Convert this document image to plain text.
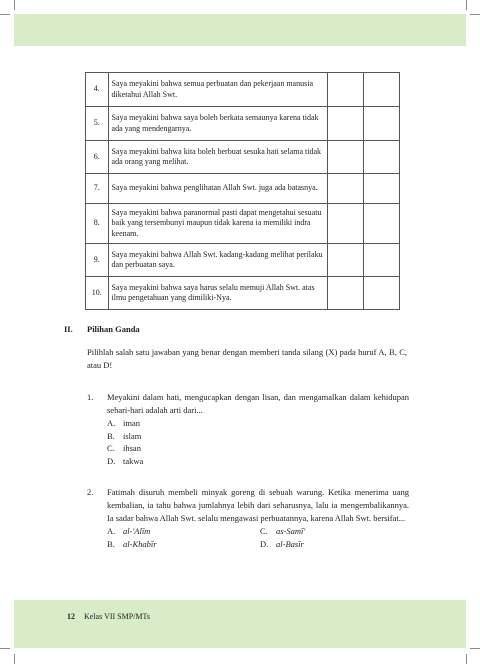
4.	Saya meyakini bahwa semua perbuatan dan pekerjaan manusia diketahui Allah Swt.		
5.	Saya meyakini bahwa saya boleh berkata semaunya karena tidak ada yang mendengarnya.		
6.	Saya meyakini bahwa kita boleh berbuat sesuka hati selama tidak ada orang yang melihat.		
7.	Saya meyakini bahwa penglihatan Allah Swt. juga ada batasnya.		
8.	Saya meyakini bahwa paranormal pasti dapat mengetahui sesuatu baik yang tersembunyi maupun tidak karena ia memiliki indra keenam.		
9.	Saya meyakini bahwa Allah Swt. kadang-kadang melihat perilaku dan perbuatan saya.		
10.	Saya meyakini bahwa saya harus selalu memuji Allah Swt. atas ilmu pengetahuan yang dimiliki-Nya.		
II. Pilihan Ganda
Pilihlah salah satu jawaban yang benar dengan memberi tanda silang (X) pada huruf A, B, C, atau D!
1. Meyakini dalam hati, mengucapkan dengan lisan, dan mengamalkan dalam kehidupan sehari-hari adalah arti dari...
A. iman
B. islam
C. ihsan
D. takwa
2. Fatimah disuruh membeli minyak goreng di sebuah warung. Ketika menerima uang kembalian, ia tahu bahwa jumlahnya lebih dari seharusnya, lalu ia mengembalikannya. Ia sadar bahwa Allah Swt. selalu mengawasi perbuatannya, karena Allah Swt. bersifat...
A. al-'Alīm	C. as-Samī'
B. al-Khabīr	D. al-Basīr
12 Kelas VII SMP/MTs
